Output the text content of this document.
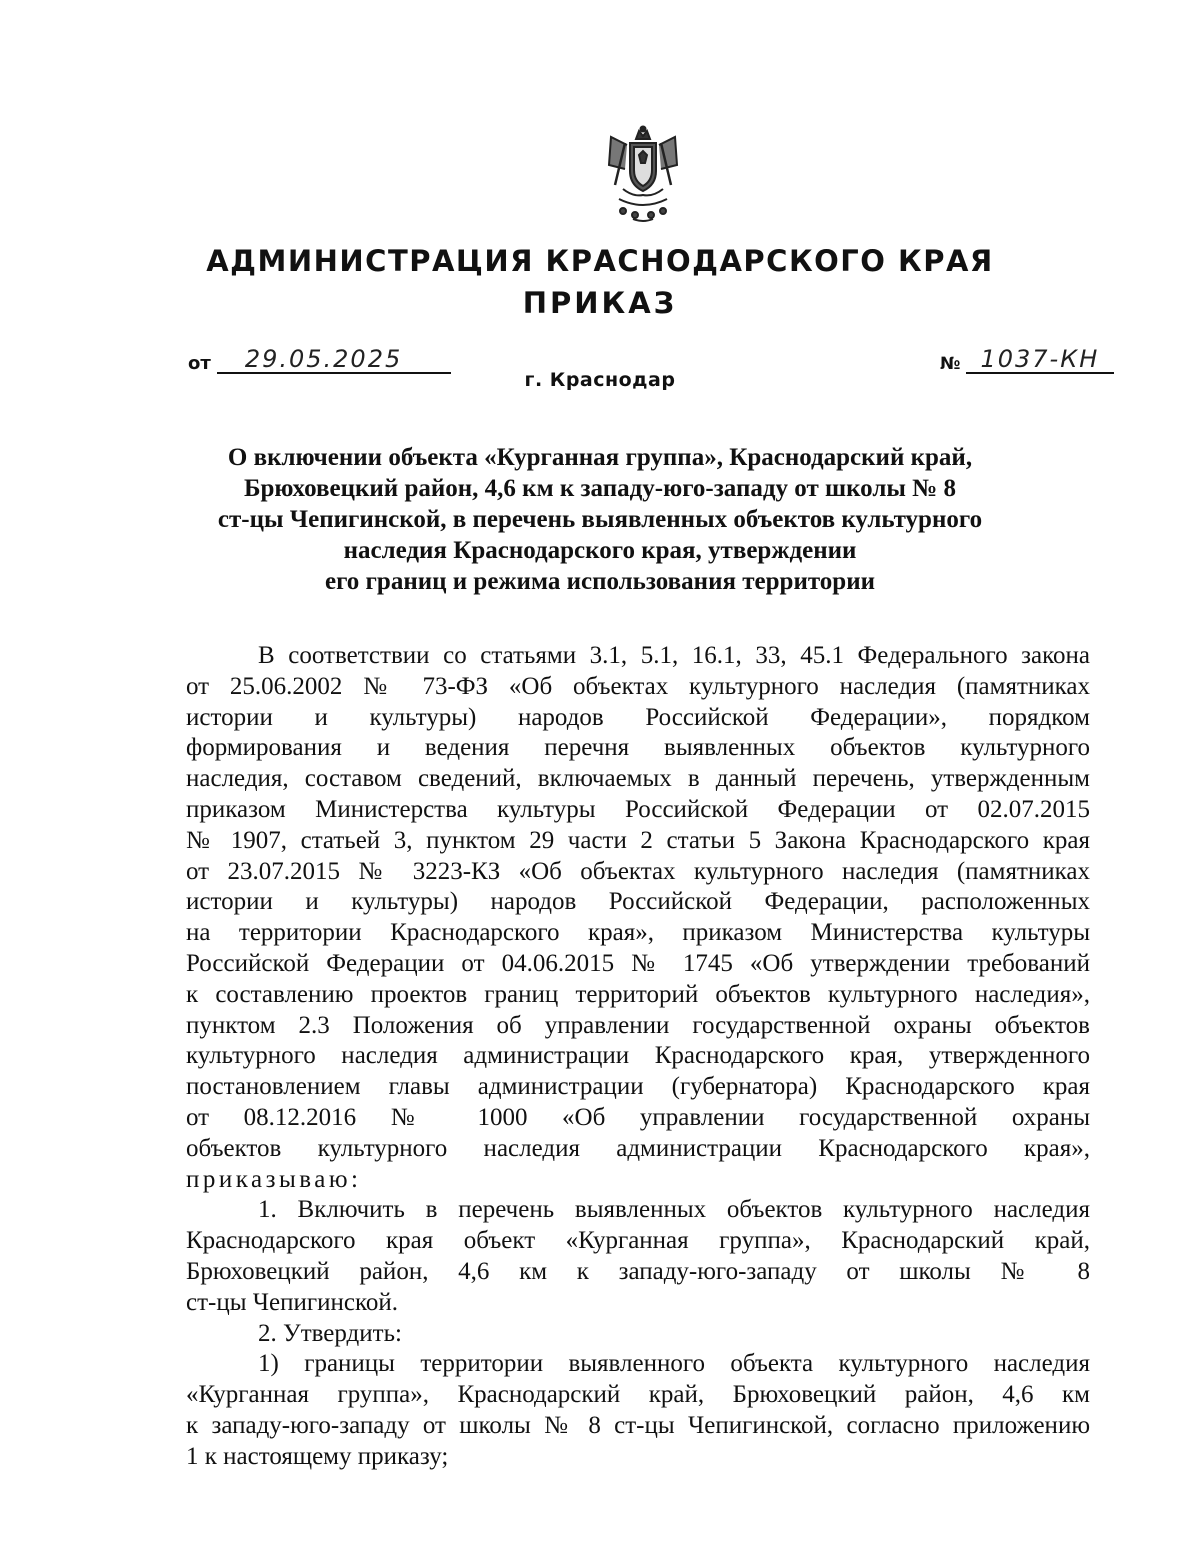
АДМИНИСТРАЦИЯ КРАСНОДАРСКОГО КРАЯ
ПРИКАЗ
от	29.05.2025	№ 1037-КН
г. Краснодар
О включении объекта «Курганная группа», Краснодарский край,
Брюховецкий район, 4,6 км к западу-юго-западу от школы № 8
ст-цы Чепигинской, в перечень выявленных объектов культурного
наследия Краснодарского края, утверждении
его границ и режима использования территории
В соответствии со статьями 3.1, 5.1, 16.1, 33, 45.1 Федерального закона
от 25.06.2002 № 73-ФЗ «Об объектах культурного наследия (памятниках
истории и культуры) народов Российской Федерации», порядком
формирования и ведения перечня выявленных объектов культурного
наследия, составом сведений, включаемых в данный перечень, утвержденным
приказом Министерства культуры Российской Федерации от 02.07.2015
№ 1907, статьей 3, пунктом 29 части 2 статьи 5 Закона Краснодарского края
от 23.07.2015 № 3223-КЗ «Об объектах культурного наследия (памятниках
истории и культуры) народов Российской Федерации, расположенных
на территории Краснодарского края», приказом Министерства культуры
Российской Федерации от 04.06.2015 № 1745 «Об утверждении требований
к составлению проектов границ территорий объектов культурного наследия»,
пунктом 2.3 Положения об управлении государственной охраны объектов
культурного наследия администрации Краснодарского края, утвержденного
постановлением главы администрации (губернатора) Краснодарского края
от 08.12.2016 № 1000 «Об управлении государственной охраны
объектов культурного наследия администрации Краснодарского края»,
приказываю:
1. Включить в перечень выявленных объектов культурного наследия
Краснодарского края объект «Курганная группа», Краснодарский край,
Брюховецкий район, 4,6 км к западу-юго-западу от школы № 8
ст-цы Чепигинской.
2. Утвердить:
1) границы территории выявленного объекта культурного наследия
«Курганная группа», Краснодарский край, Брюховецкий район, 4,6 км
к западу-юго-западу от школы № 8 ст-цы Чепигинской, согласно приложению
1 к настоящему приказу;
